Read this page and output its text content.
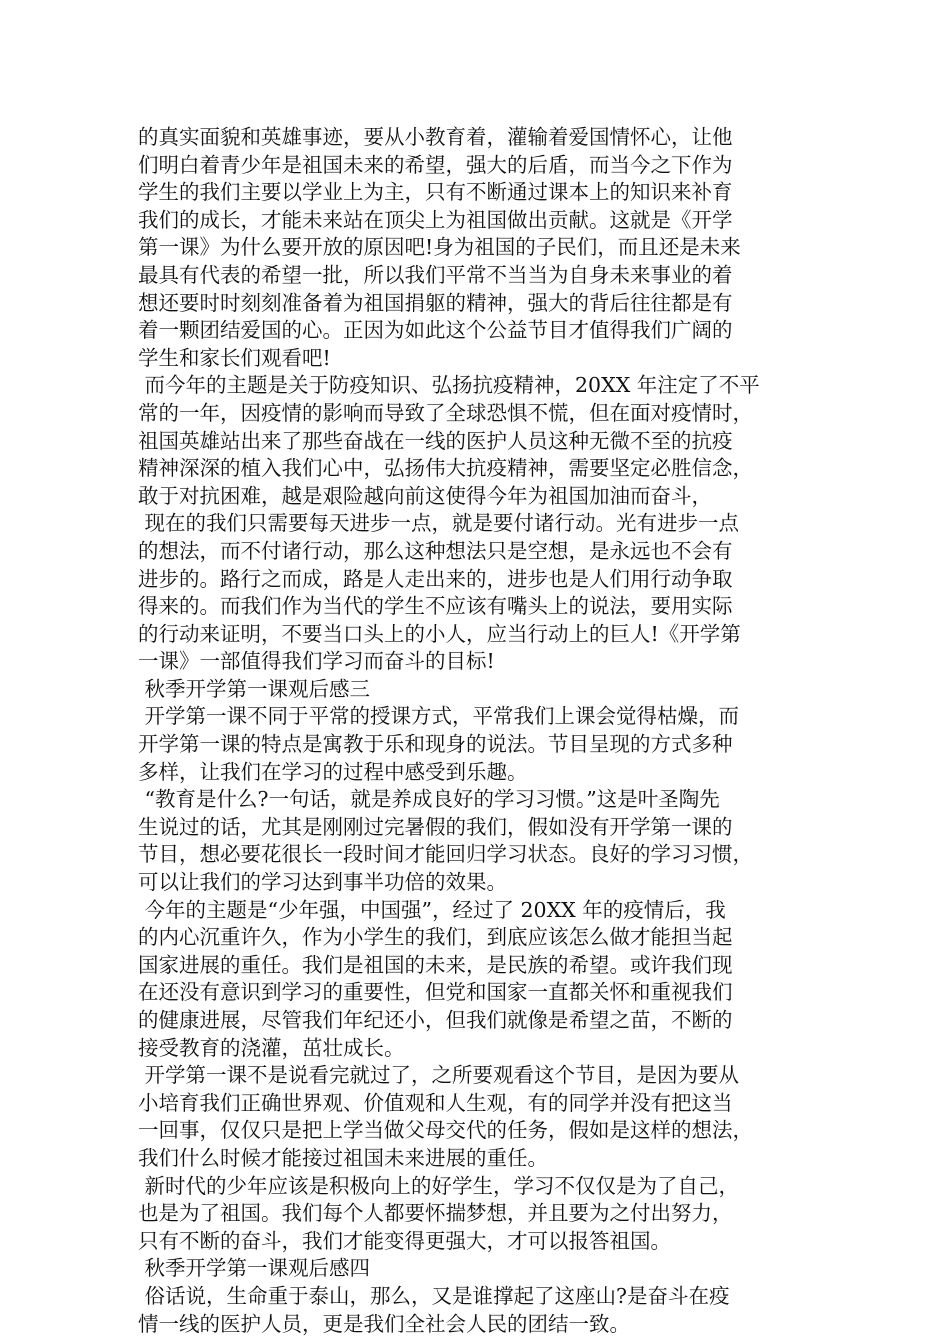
的真实面貌和英雄事迹，要从小教育着，灌输着爱国情怀心，让他
们明白着青少年是祖国未来的希望，强大的后盾，而当今之下作为
学生的我们主要以学业上为主，只有不断通过课本上的知识来补育
我们的成长，才能未来站在顶尖上为祖国做出贡献。这就是《开学
第一课》为什么要开放的原因吧!身为祖国的子民们，而且还是未来
最具有代表的希望一批，所以我们平常不当当为自身未来事业的着
想还要时时刻刻准备着为祖国捐躯的精神，强大的背后往往都是有
着一颗团结爱国的心。正因为如此这个公益节目才值得我们广阔的
学生和家长们观看吧!
而今年的主题是关于防疫知识、弘扬抗疫精神，20XX 年注定了不平
常的一年，因疫情的影响而导致了全球恐惧不慌，但在面对疫情时，
祖国英雄站出来了那些奋战在一线的医护人员这种无微不至的抗疫
精神深深的植入我们心中，弘扬伟大抗疫精神，需要坚定必胜信念，
敢于对抗困难，越是艰险越向前这使得今年为祖国加油而奋斗，
现在的我们只需要每天进步一点，就是要付诸行动。光有进步一点
的想法，而不付诸行动，那么这种想法只是空想，是永远也不会有
进步的。路行之而成，路是人走出来的，进步也是人们用行动争取
得来的。而我们作为当代的学生不应该有嘴头上的说法，要用实际
的行动来证明，不要当口头上的小人，应当行动上的巨人!《开学第
一课》一部值得我们学习而奋斗的目标!
秋季开学第一课观后感三
开学第一课不同于平常的授课方式，平常我们上课会觉得枯燥，而
开学第一课的特点是寓教于乐和现身的说法。节目呈现的方式多种
多样，让我们在学习的过程中感受到乐趣。
“教育是什么?一句话，就是养成良好的学习习惯。”这是叶圣陶先
生说过的话，尤其是刚刚过完暑假的我们，假如没有开学第一课的
节目，想必要花很长一段时间才能回归学习状态。良好的学习习惯，
可以让我们的学习达到事半功倍的效果。
今年的主题是“少年强，中国强”，经过了 20XX 年的疫情后，我
的内心沉重许久，作为小学生的我们，到底应该怎么做才能担当起
国家进展的重任。我们是祖国的未来，是民族的希望。或许我们现
在还没有意识到学习的重要性，但党和国家一直都关怀和重视我们
的健康进展，尽管我们年纪还小，但我们就像是希望之苗，不断的
接受教育的浇灌，茁壮成长。
开学第一课不是说看完就过了，之所要观看这个节目，是因为要从
小培育我们正确世界观、价值观和人生观，有的同学并没有把这当
一回事，仅仅只是把上学当做父母交代的任务，假如是这样的想法，
我们什么时候才能接过祖国未来进展的重任。
新时代的少年应该是积极向上的好学生，学习不仅仅是为了自己，
也是为了祖国。我们每个人都要怀揣梦想，并且要为之付出努力，
只有不断的奋斗，我们才能变得更强大，才可以报答祖国。
秋季开学第一课观后感四
俗话说，生命重于泰山，那么，又是谁撑起了这座山?是奋斗在疫
情一线的医护人员，更是我们全社会人民的团结一致。
